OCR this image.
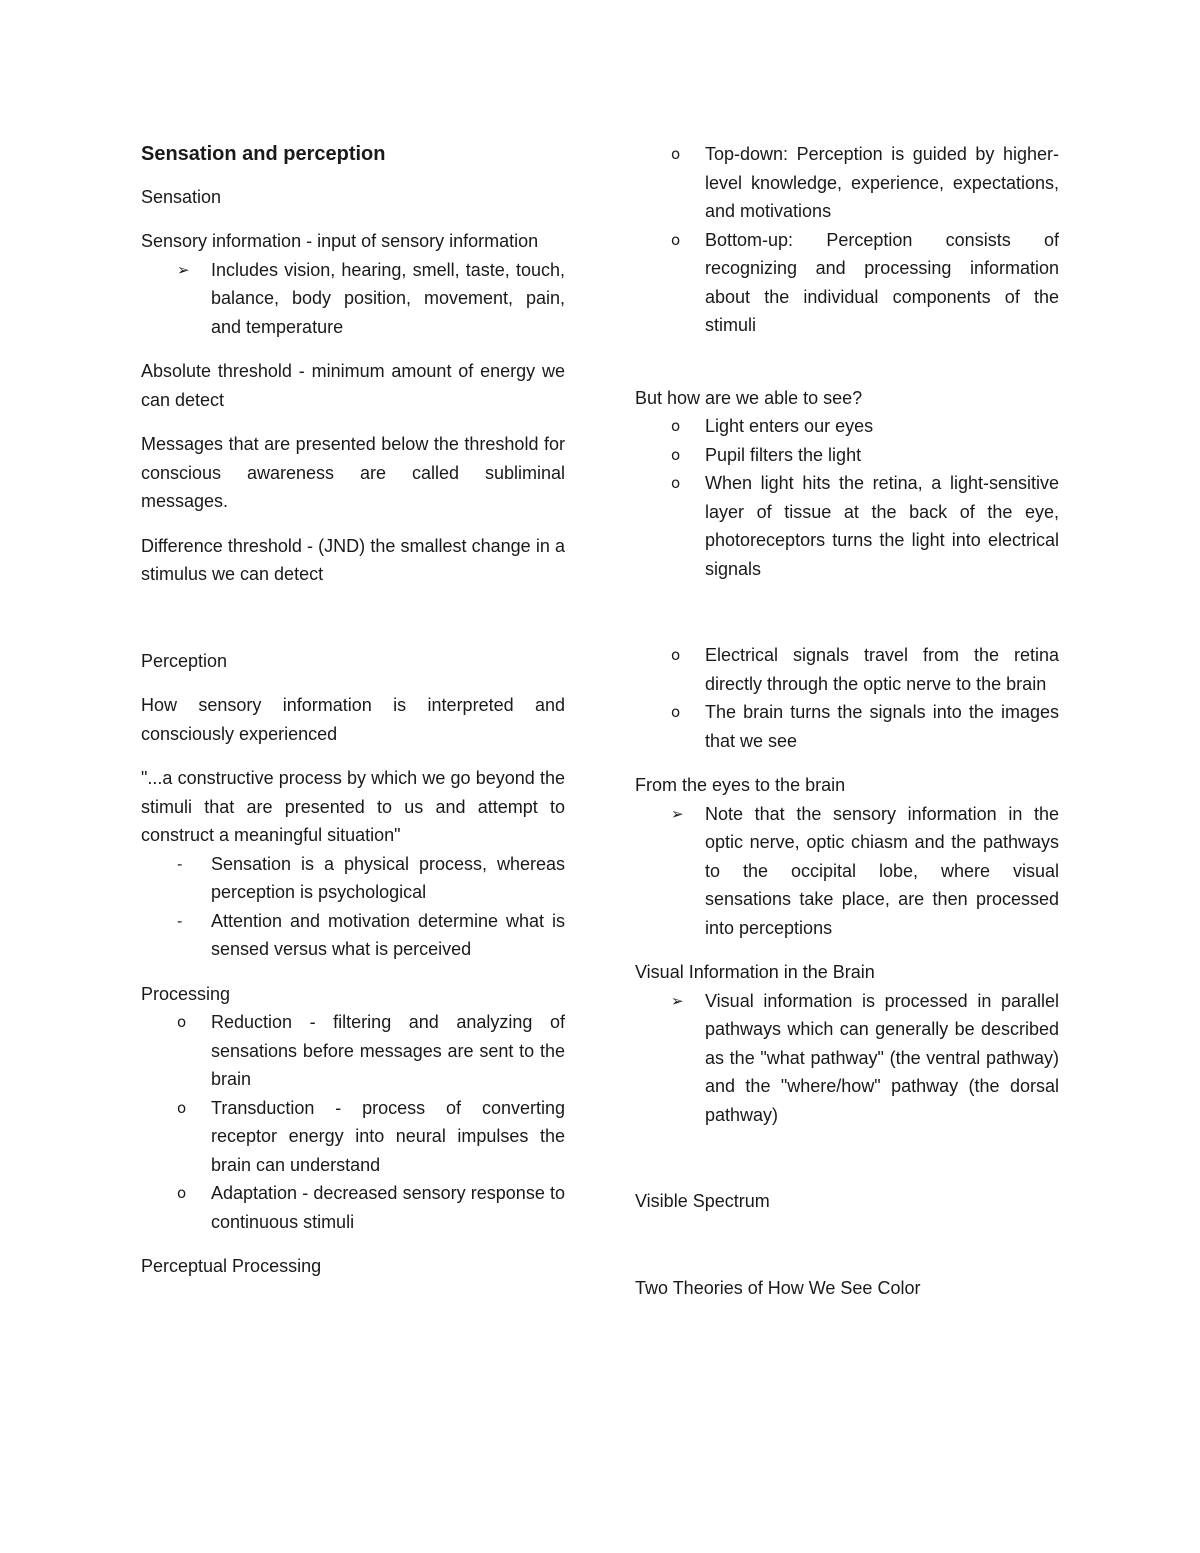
Sensation and perception

Sensation

Sensory information - input of sensory information

➢	Includes vision, hearing, smell, taste, touch, balance, body position, movement, pain, and temperature

Absolute threshold - minimum amount of energy we can detect

Messages that are presented below the threshold for conscious awareness are called subliminal messages.

Difference threshold - (JND) the smallest change in a stimulus we can detect

Perception

How sensory information is interpreted and consciously experienced

"...a constructive process by which we go beyond the stimuli that are presented to us and attempt to construct a meaningful situation"

-	Sensation is a physical process, whereas perception is psychological
-	Attention and motivation determine what is sensed versus what is perceived

Processing

o	Reduction - filtering and analyzing of sensations before messages are sent to the brain
o	Transduction - process of converting receptor energy into neural impulses the brain can understand
o	Adaptation - decreased sensory response to continuous stimuli

Perceptual Processing

o	Top-down: Perception is guided by higher-level knowledge, experience, expectations, and motivations
o	Bottom-up: Perception consists of recognizing and processing information about the individual components of the stimuli

But how are we able to see?

o	Light enters our eyes
o	Pupil filters the light
o	When light hits the retina, a light-sensitive layer of tissue at the back of the eye, photoreceptors turns the light into electrical signals
o	Electrical signals travel from the retina directly through the optic nerve to the brain
o	The brain turns the signals into the images that we see

From the eyes to the brain

➢	Note that the sensory information in the optic nerve, optic chiasm and the pathways to the occipital lobe, where visual sensations take place, are then processed into perceptions

Visual Information in the Brain

➢	Visual information is processed in parallel pathways which can generally be described as the "what pathway" (the ventral pathway) and the "where/how" pathway (the dorsal pathway)

Visible Spectrum

Two Theories of How We See Color
